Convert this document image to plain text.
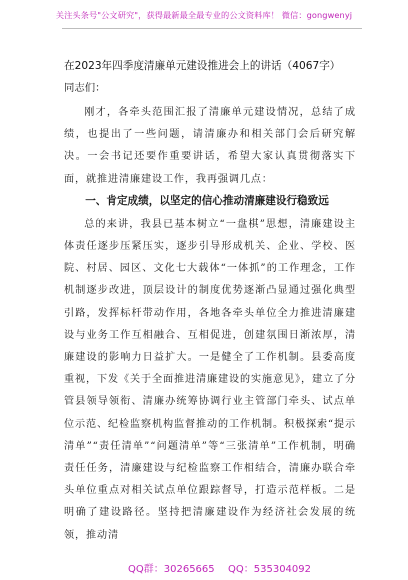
关注头条号"公文研究"，获得最新最全最专业的公文资料库！ 微信：gongwenyj

在2023年四季度清廉单元建设推进会上的讲话（4067字）

同志们：

刚才，各牵头范围汇报了清廉单元建设情况，总结了成绩，也提出了一些问题，请清廉办和相关部门会后研究解决。一会书记还要作重要讲话，希望大家认真贯彻落实下面，就推进清廉建设工作，我再强调几点：

一、肯定成绩，以坚定的信心推动清廉建设行稳致远

总的来讲，我县已基本树立“一盘棋”思想，清廉建设主体责任逐步压紧压实，逐步引导形成机关、企业、学校、医院、村居、园区、文化七大载体“一体抓”的工作理念，工作机制逐步改进，顶层设计的制度优势逐渐凸显通过强化典型引路，发挥标杆带动作用，各地各牵头单位全力推进清廉建设与业务工作互相融合、互相促进，创建氛围日渐浓厚，清廉建设的影响力日益扩大。一是健全了工作机制。县委高度重视，下发《关于全面推进清廉建设的实施意见》，建立了分管县领导领衔、清廉办统筹协调行业主管部门牵头、试点单位示范、纪检监察机构监督推动的工作机制。积极探索“提示清单”“责任清单”“问题清单”等“三张清单”工作机制，明确责任任务，清廉建设与纪检监察工作相结合，清廉办联合牵头单位重点对相关试点单位跟踪督导，打造示范样板。二是明确了建设路径。坚持把清廉建设作为经济社会发展的统领，推动清

QQ群：30265665 QQ：535304092
